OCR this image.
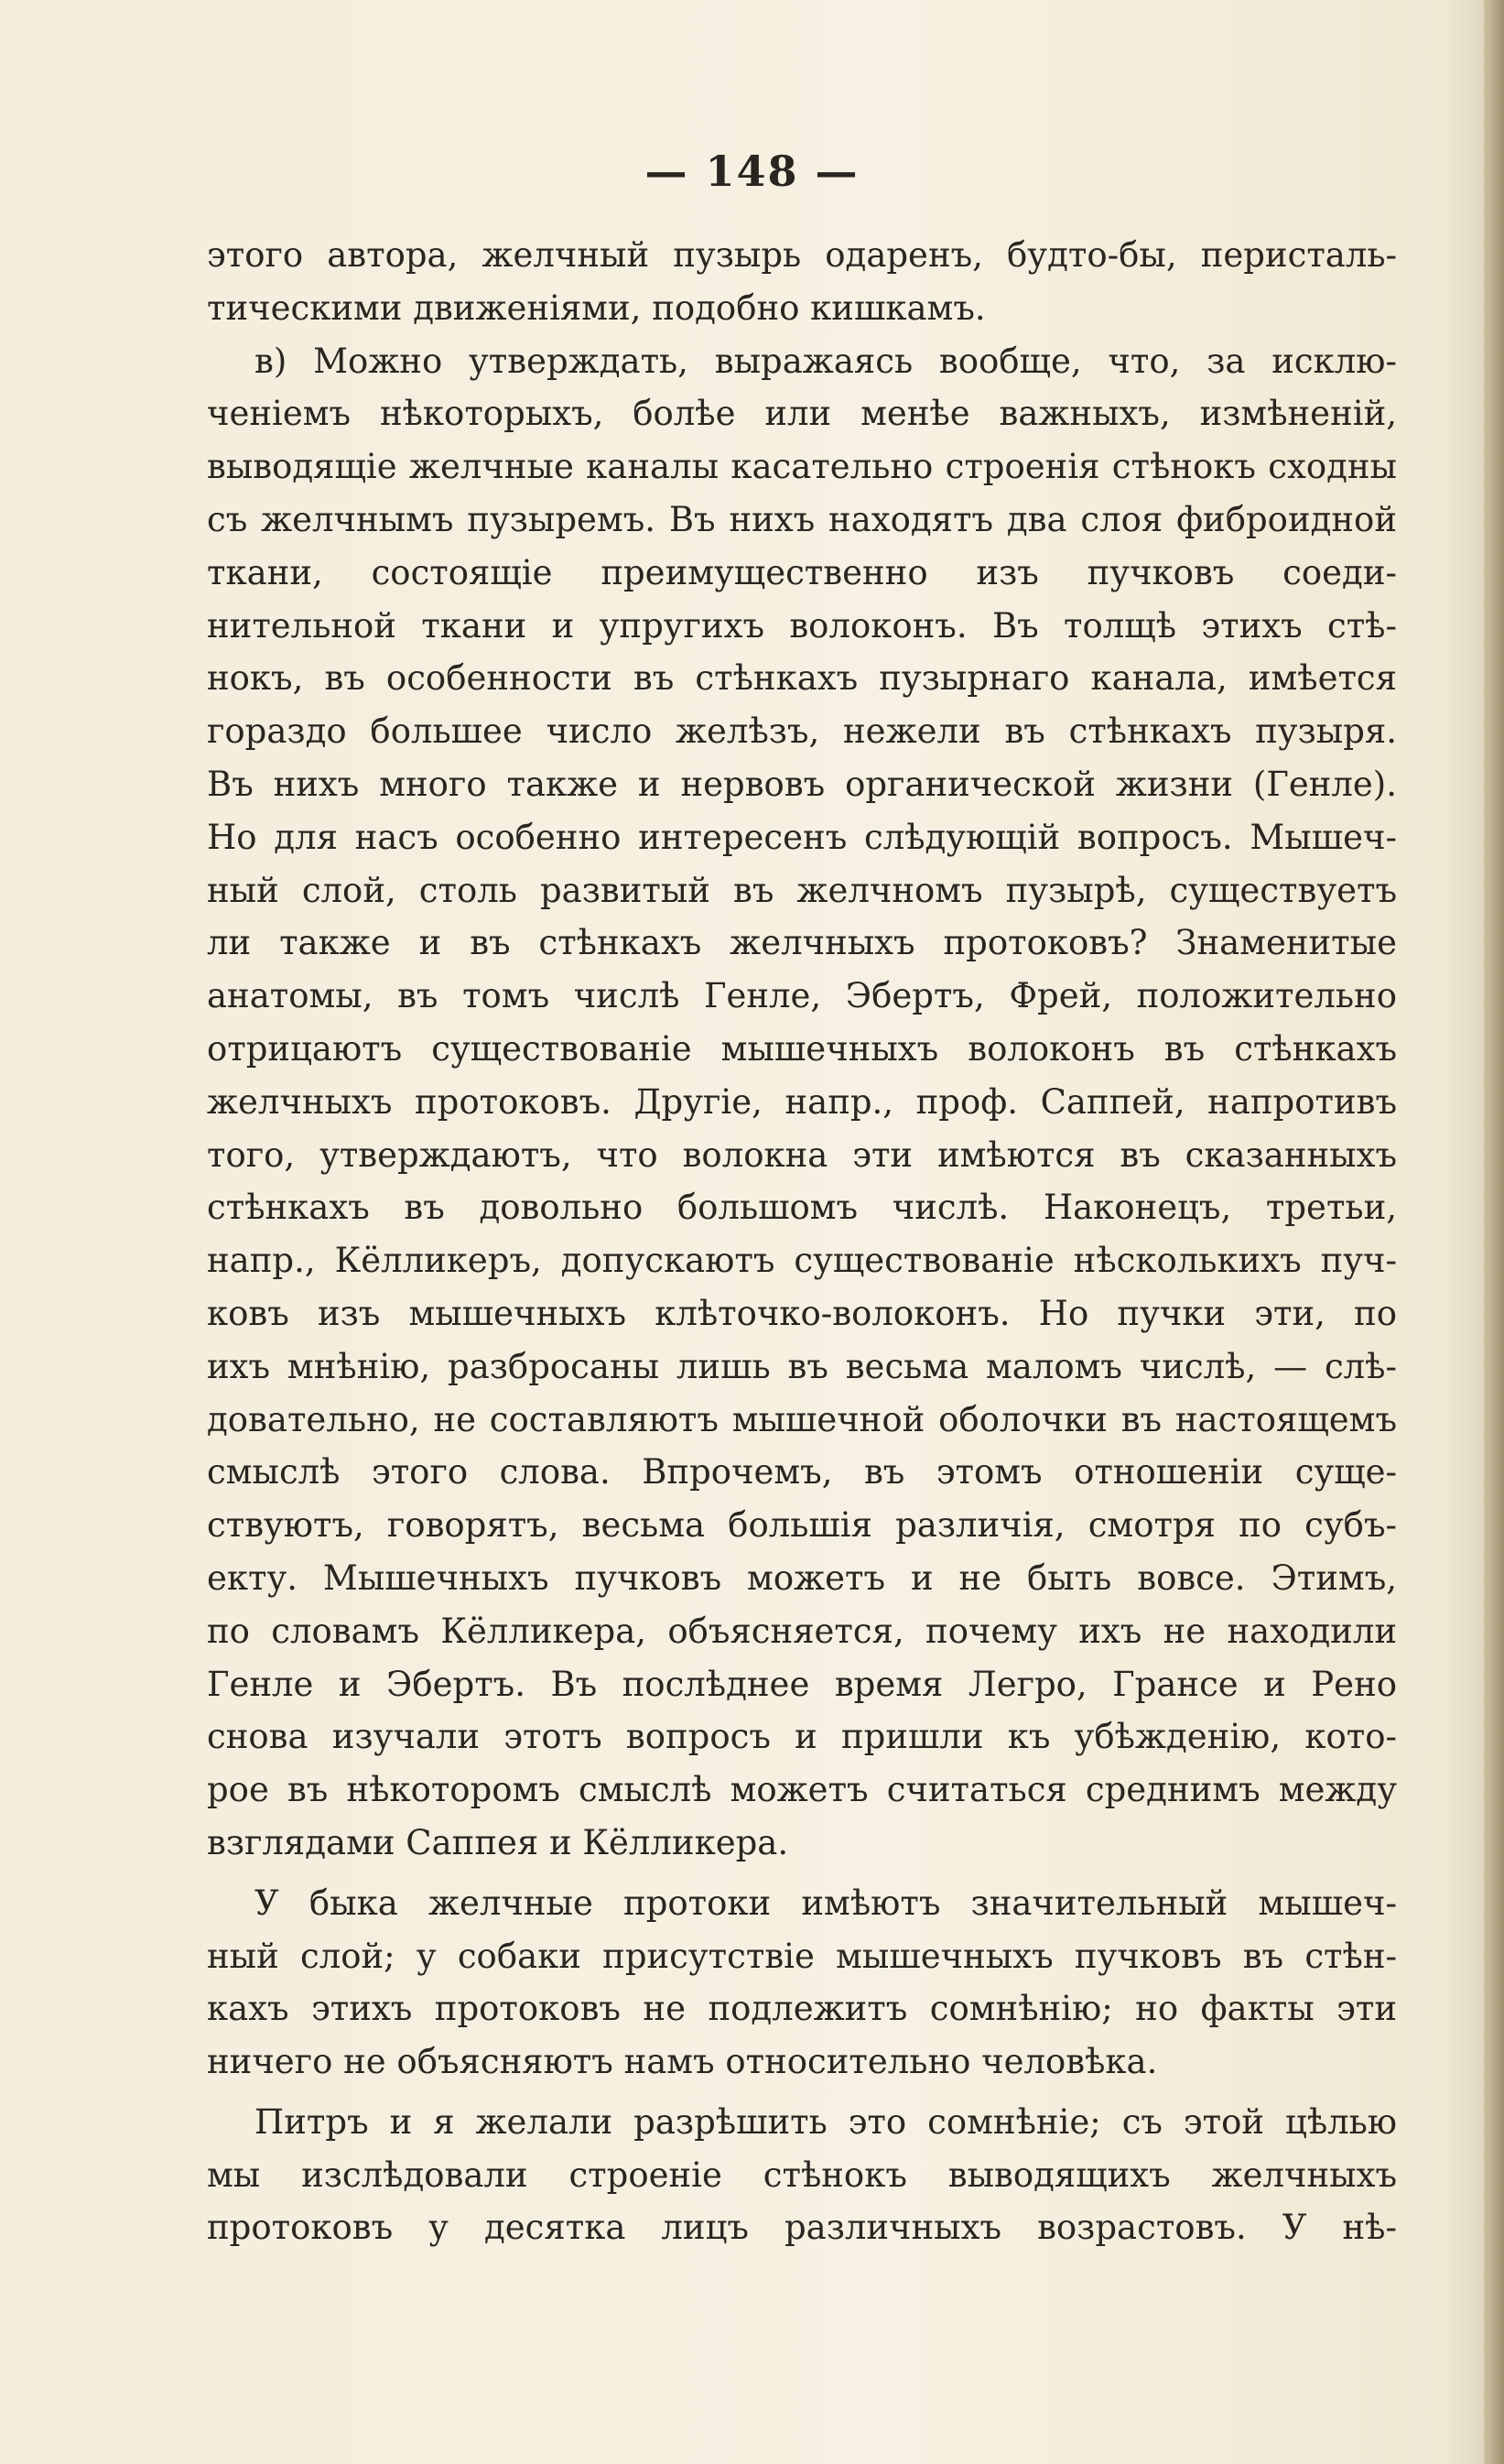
— 148 —
этого автора, желчный пузырь одаренъ, будто-бы, перисталь-
тическими движеніями, подобно кишкамъ.
в) Можно утверждать, выражаясь вообще, что, за исклю-
ченіемъ нѣкоторыхъ, болѣе или менѣе важныхъ, измѣненій,
выводящіе желчные каналы касательно строенія стѣнокъ сходны
съ желчнымъ пузыремъ. Въ нихъ находятъ два слоя фиброидной
ткани, состоящіе преимущественно изъ пучковъ соеди-
нительной ткани и упругихъ волоконъ. Въ толщѣ этихъ стѣ-
нокъ, въ особенности въ стѣнкахъ пузырнаго канала, имѣется
гораздо большее число желѣзъ, нежели въ стѣнкахъ пузыря.
Въ нихъ много также и нервовъ органической жизни (Генле).
Но для насъ особенно интересенъ слѣдующій вопросъ. Мышеч-
ный слой, столь развитый въ желчномъ пузырѣ, существуетъ
ли также и въ стѣнкахъ желчныхъ протоковъ? Знаменитые
анатомы, въ томъ числѣ Генле, Эбертъ, Фрей, положительно
отрицаютъ существованіе мышечныхъ волоконъ въ стѣнкахъ
желчныхъ протоковъ. Другіе, напр., проф. Саппей, напротивъ
того, утверждаютъ, что волокна эти имѣются въ сказанныхъ
стѣнкахъ въ довольно большомъ числѣ. Наконецъ, третьи,
напр., Кёлликеръ, допускаютъ существованіе нѣсколькихъ пуч-
ковъ изъ мышечныхъ клѣточко-волоконъ. Но пучки эти, по
ихъ мнѣнію, разбросаны лишь въ весьма маломъ числѣ, — слѣ-
довательно, не составляютъ мышечной оболочки въ настоящемъ
смыслѣ этого слова. Впрочемъ, въ этомъ отношеніи суще-
ствуютъ, говорятъ, весьма большія различія, смотря по субъ-
екту. Мышечныхъ пучковъ можетъ и не быть вовсе. Этимъ,
по словамъ Кёлликера, объясняется, почему ихъ не находили
Генле и Эбертъ. Въ послѣднее время Легро, Грансе и Рено
снова изучали этотъ вопросъ и пришли къ убѣжденію, кото-
рое въ нѣкоторомъ смыслѣ можетъ считаться среднимъ между
взглядами Саппея и Кёлликера.
У быка желчные протоки имѣютъ значительный мышеч-
ный слой; у собаки присутствіе мышечныхъ пучковъ въ стѣн-
кахъ этихъ протоковъ не подлежитъ сомнѣнію; но факты эти
ничего не объясняютъ намъ относительно человѣка.
Питръ и я желали разрѣшить это сомнѣніе; съ этой цѣлью
мы изслѣдовали строеніе стѣнокъ выводящихъ желчныхъ
протоковъ у десятка лицъ различныхъ возрастовъ. У нѣ-
